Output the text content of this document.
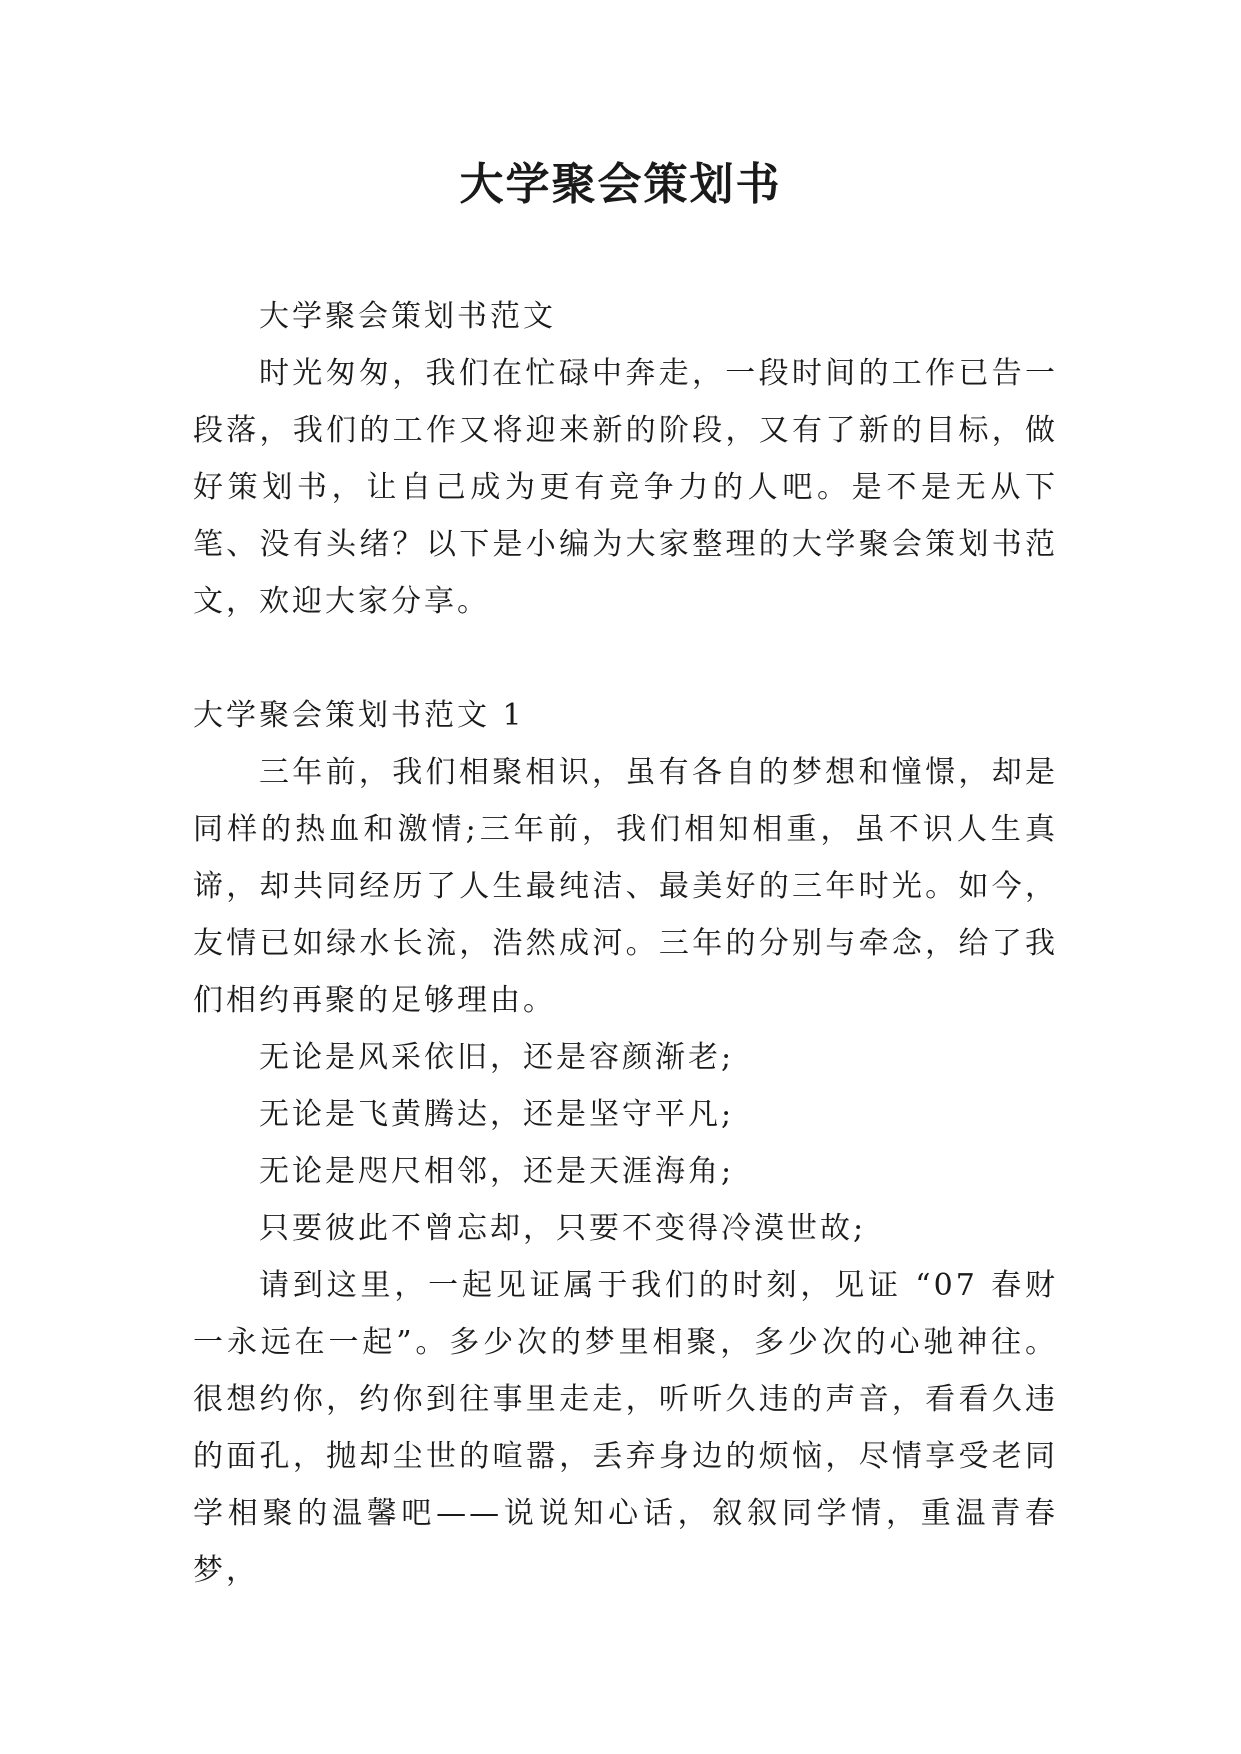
大学聚会策划书

大学聚会策划书范文

时光匆匆，我们在忙碌中奔走，一段时间的工作已告一段落，我们的工作又将迎来新的阶段，又有了新的目标，做好策划书，让自己成为更有竞争力的人吧。是不是无从下笔、没有头绪？以下是小编为大家整理的大学聚会策划书范文，欢迎大家分享。

大学聚会策划书范文 1

三年前，我们相聚相识，虽有各自的梦想和憧憬，却是同样的热血和激情;三年前，我们相知相重，虽不识人生真谛，却共同经历了人生最纯洁、最美好的三年时光。如今，友情已如绿水长流，浩然成河。三年的分别与牵念，给了我们相约再聚的足够理由。

无论是风采依旧，还是容颜渐老;

无论是飞黄腾达，还是坚守平凡;

无论是咫尺相邻，还是天涯海角;

只要彼此不曾忘却，只要不变得冷漠世故;

请到这里，一起见证属于我们的时刻，见证 “07 春财一永远在一起”。多少次的梦里相聚，多少次的心驰神往。很想约你，约你到往事里走走，听听久违的声音，看看久违的面孔，抛却尘世的喧嚣，丢弃身边的烦恼，尽情享受老同学相聚的温馨吧——说说知心话，叙叙同学情，重温青春梦，
